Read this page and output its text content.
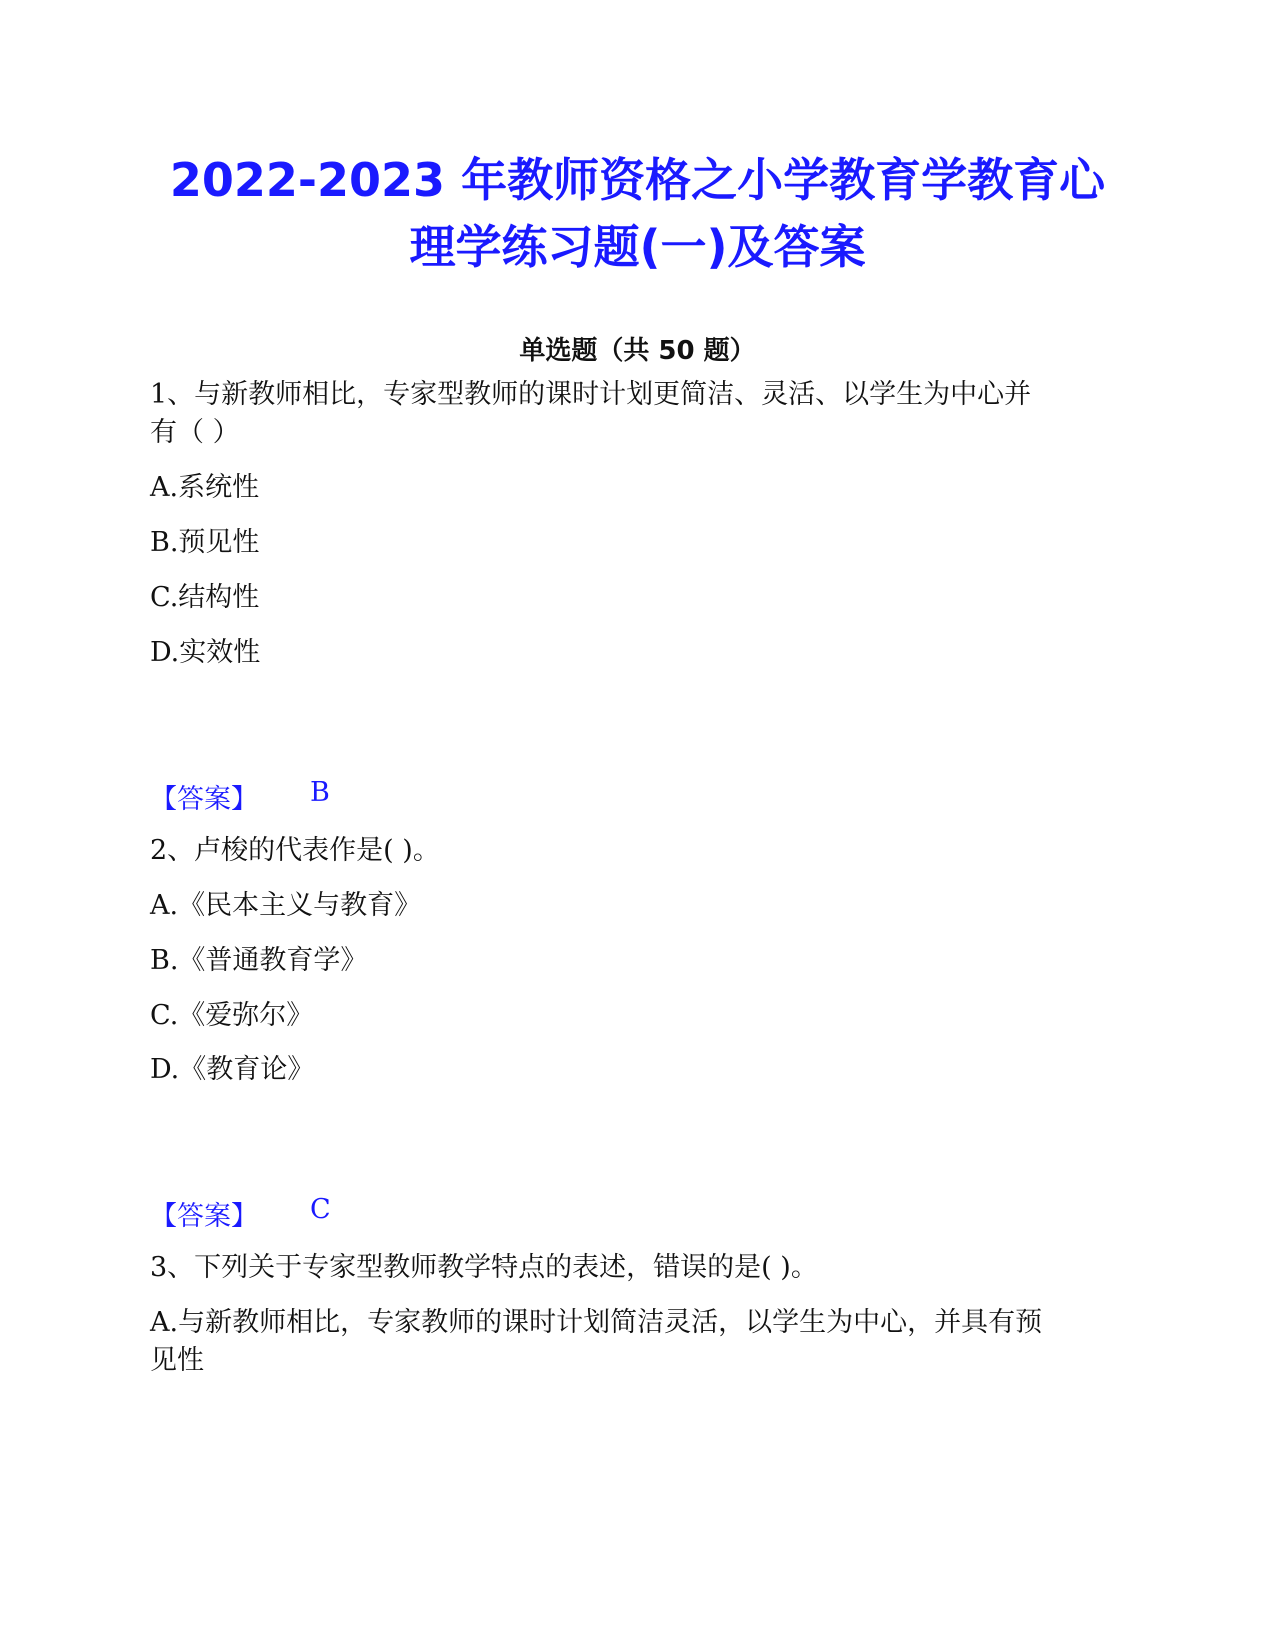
2022-2023 年教师资格之小学教育学教育心
理学练习题(一)及答案
单选题（共 50 题）

1、与新教师相比，专家型教师的课时计划更简洁、灵活、以学生为中心并

有（ ）

A.系统性

B.预见性

C.结构性

D.实效性

【答案】 B

2、卢梭的代表作是( )。

A.《民本主义与教育》

B.《普通教育学》

C.《爱弥尔》

D.《教育论》

【答案】 C

3、下列关于专家型教师教学特点的表述，错误的是( )。

A.与新教师相比，专家教师的课时计划简洁灵活，以学生为中心，并具有预

见性
